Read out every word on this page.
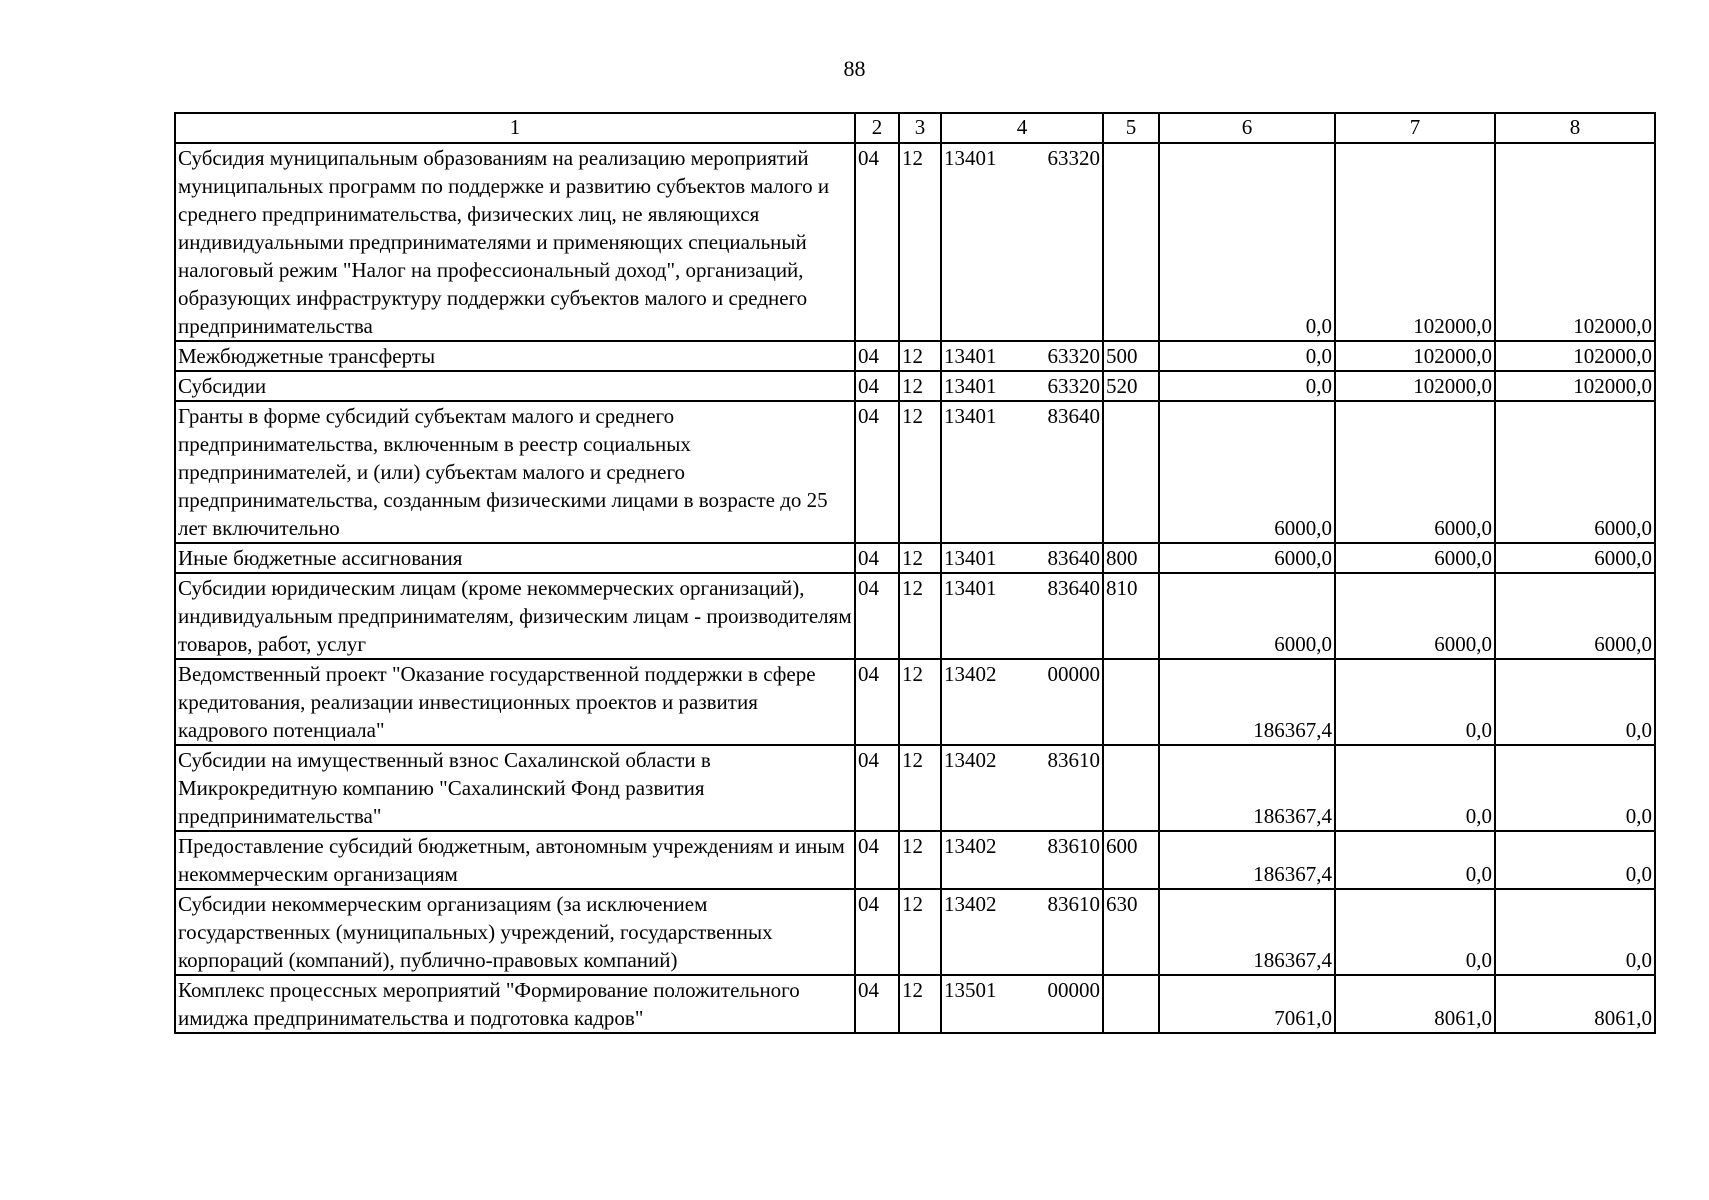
88
1	2	3	4	5	6	7	8
Субсидия муниципальным образованиям на реализацию мероприятий муниципальных программ по поддержке и развитию субъектов малого и среднего предпринимательства, физических лиц, не являющихся индивидуальными предпринимателями и применяющих специальный налоговый режим "Налог на профессиональный доход", организаций, образующих инфраструктуру поддержки субъектов малого и среднего предпринимательства	04	12	13401 63320		0,0	102000,0	102000,0
Межбюджетные трансферты	04	12	13401 63320	500	0,0	102000,0	102000,0
Субсидии	04	12	13401 63320	520	0,0	102000,0	102000,0
Гранты в форме субсидий субъектам малого и среднего предпринимательства, включенным в реестр социальных предпринимателей, и (или) субъектам малого и среднего предпринимательства, созданным физическими лицами в возрасте до 25 лет включительно	04	12	13401 83640		6000,0	6000,0	6000,0
Иные бюджетные ассигнования	04	12	13401 83640	800	6000,0	6000,0	6000,0
Субсидии юридическим лицам (кроме некоммерческих организаций), индивидуальным предпринимателям, физическим лицам - производителям товаров, работ, услуг	04	12	13401 83640	810	6000,0	6000,0	6000,0
Ведомственный проект "Оказание государственной поддержки в сфере кредитования, реализации инвестиционных проектов и развития кадрового потенциала"	04	12	13402 00000		186367,4	0,0	0,0
Субсидии на имущественный взнос Сахалинской области в Микрокредитную компанию "Сахалинский Фонд развития предпринимательства"	04	12	13402 83610		186367,4	0,0	0,0
Предоставление субсидий бюджетным, автономным учреждениям и иным некоммерческим организациям	04	12	13402 83610	600	186367,4	0,0	0,0
Субсидии некоммерческим организациям (за исключением государственных (муниципальных) учреждений, государственных корпораций (компаний), публично-правовых компаний)	04	12	13402 83610	630	186367,4	0,0	0,0
Комплекс процессных мероприятий "Формирование положительного имиджа предпринимательства и подготовка кадров"	04	12	13501 00000		7061,0	8061,0	8061,0
